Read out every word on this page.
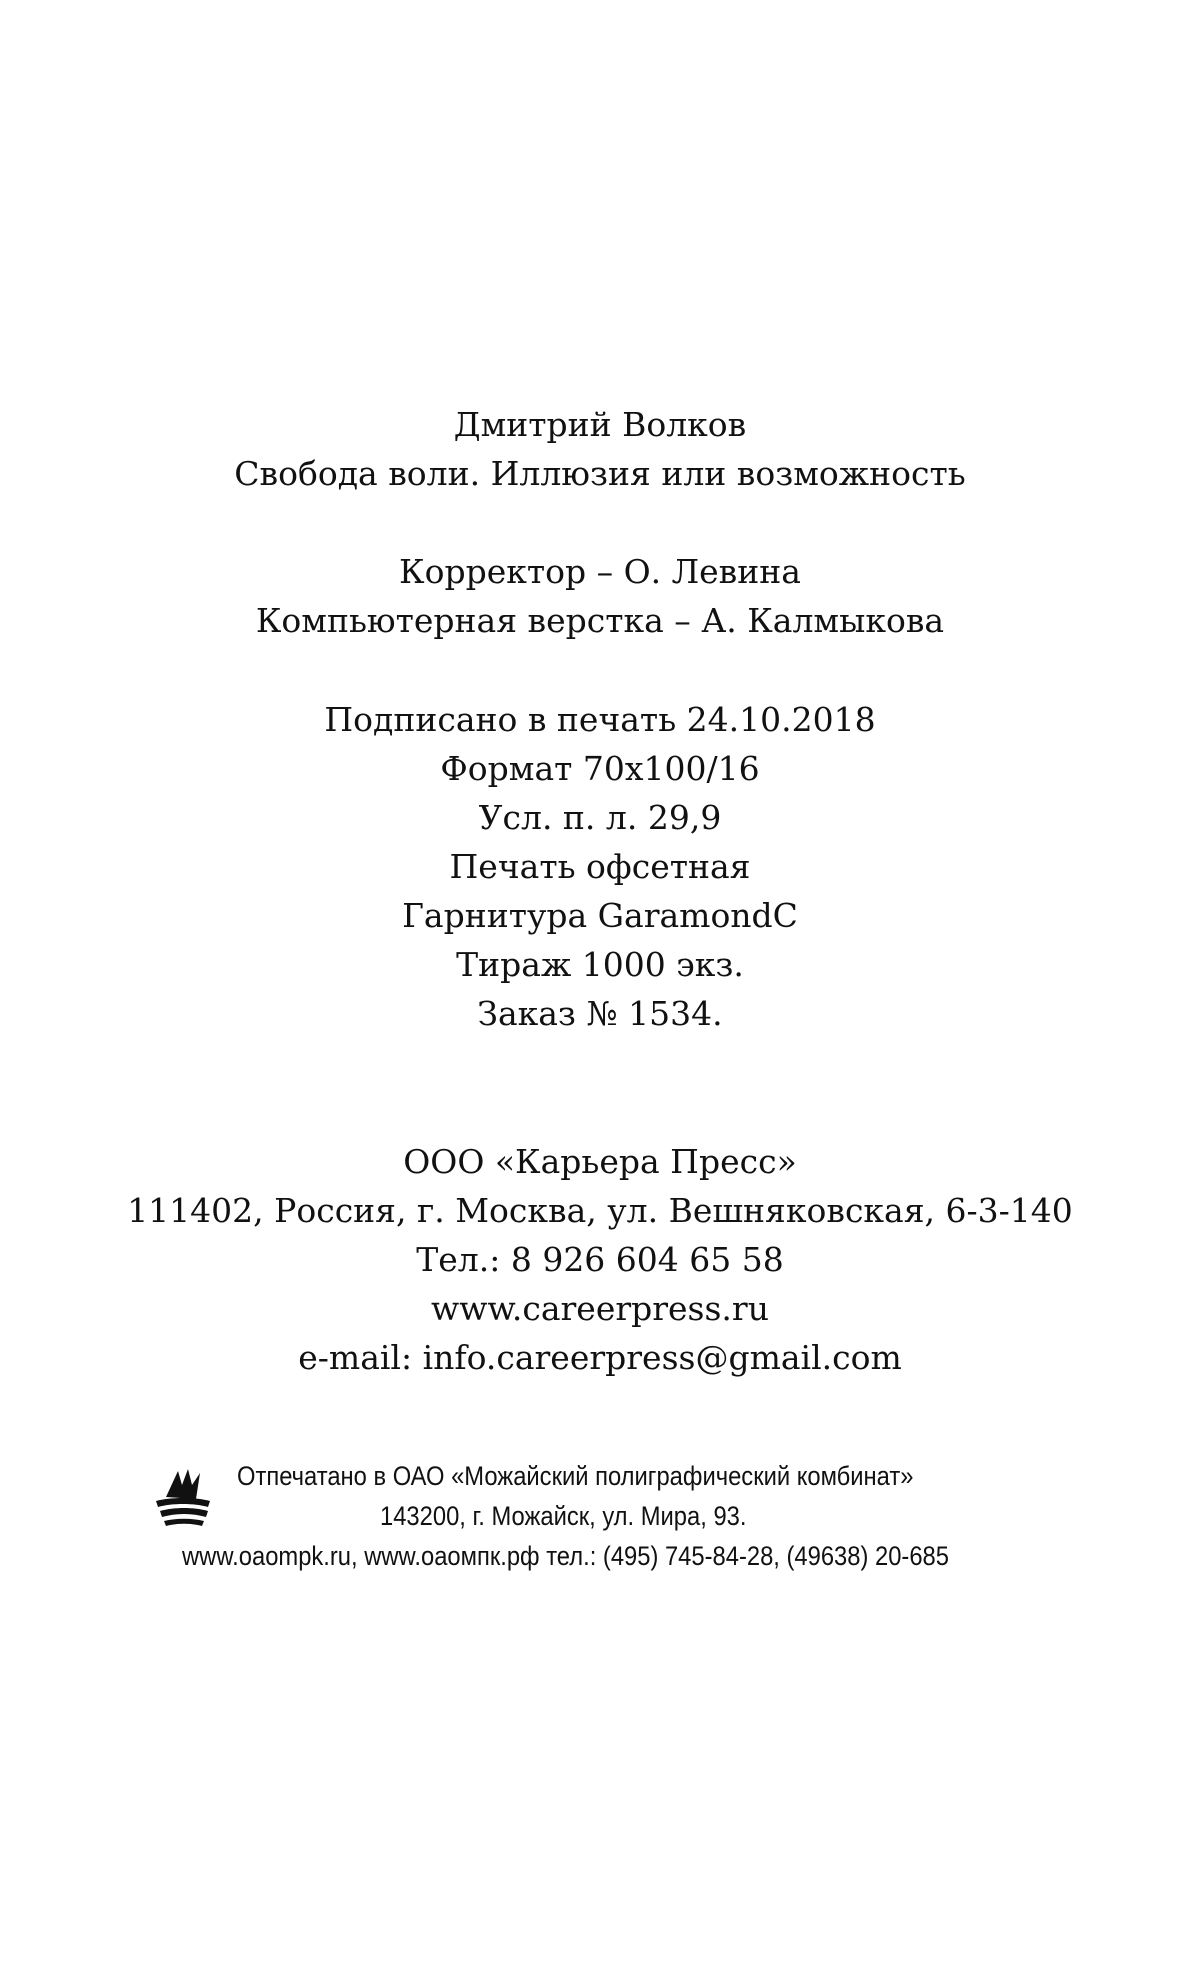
Дмитрий Волков
Свобода воли. Иллюзия или возможность
Корректор – О. Левина
Компьютерная верстка – А. Калмыкова
Подписано в печать 24.10.2018
Формат 70х100/16
Усл. п. л. 29,9
Печать офсетная
Гарнитура GaramondC
Тираж 1000 экз.
Заказ № 1534.
ООО «Карьера Пресс»
111402, Россия, г. Москва, ул. Вешняковская, 6-3-140
Тел.: 8 926 604 65 58
www.careerpress.ru
e-mail: info.careerpress@gmail.com
Отпечатано в ОАО «Можайский полиграфический комбинат»
143200, г. Можайск, ул. Мира, 93.
www.oaompk.ru, www.оаомпк.рф тел.: (495) 745-84-28, (49638) 20-685
